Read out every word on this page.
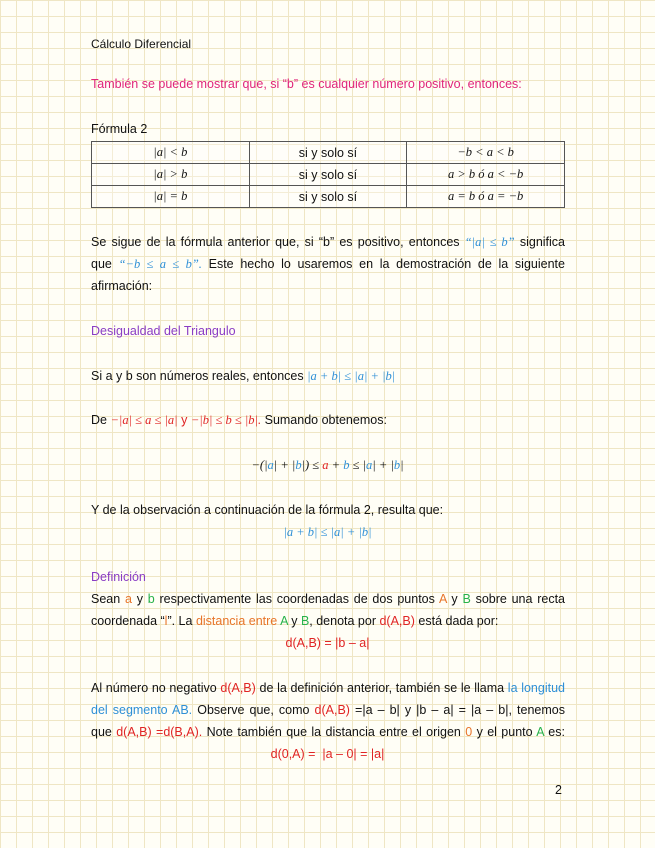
Cálculo Diferencial
También se puede mostrar que, si “b” es cualquier número positivo, entonces:
Fórmula 2
|a| < b	si y solo sí	−b < a < b
|a| > b	si y solo sí	a > b ó a < −b
|a| = b	si y solo sí	a = b ó a = −b
Se sigue de la fórmula anterior que, si “b” es positivo, entonces “|a| ≤ b” significa
que “−b ≤ a ≤ b”. Este hecho lo usaremos en la demostración de la siguiente
afirmación:
Desigualdad del Triangulo
Si a y b son números reales, entonces |a + b| ≤ |a| + |b|
De −|a| ≤ a ≤ |a| y −|b| ≤ b ≤ |b|. Sumando obtenemos:
−(|a| + |b|) ≤ a + b ≤ |a| + |b|
Y de la observación a continuación de la fórmula 2, resulta que:
|a + b| ≤ |a| + |b|
Definición
Sean a y b respectivamente las coordenadas de dos puntos A y B sobre una recta
coordenada “l”. La distancia entre A y B, denota por d(A,B) está dada por:
d(A,B) = |b – a|
Al número no negativo d(A,B) de la definición anterior, también se le llama la longitud
del segmento AB. Observe que, como d(A,B) =|a – b| y |b – a| = |a – b|, tenemos
que d(A,B) =d(B,A). Note también que la distancia entre el origen 0 y el punto A es:
d(0,A) =  |a – 0| = |a|
2
